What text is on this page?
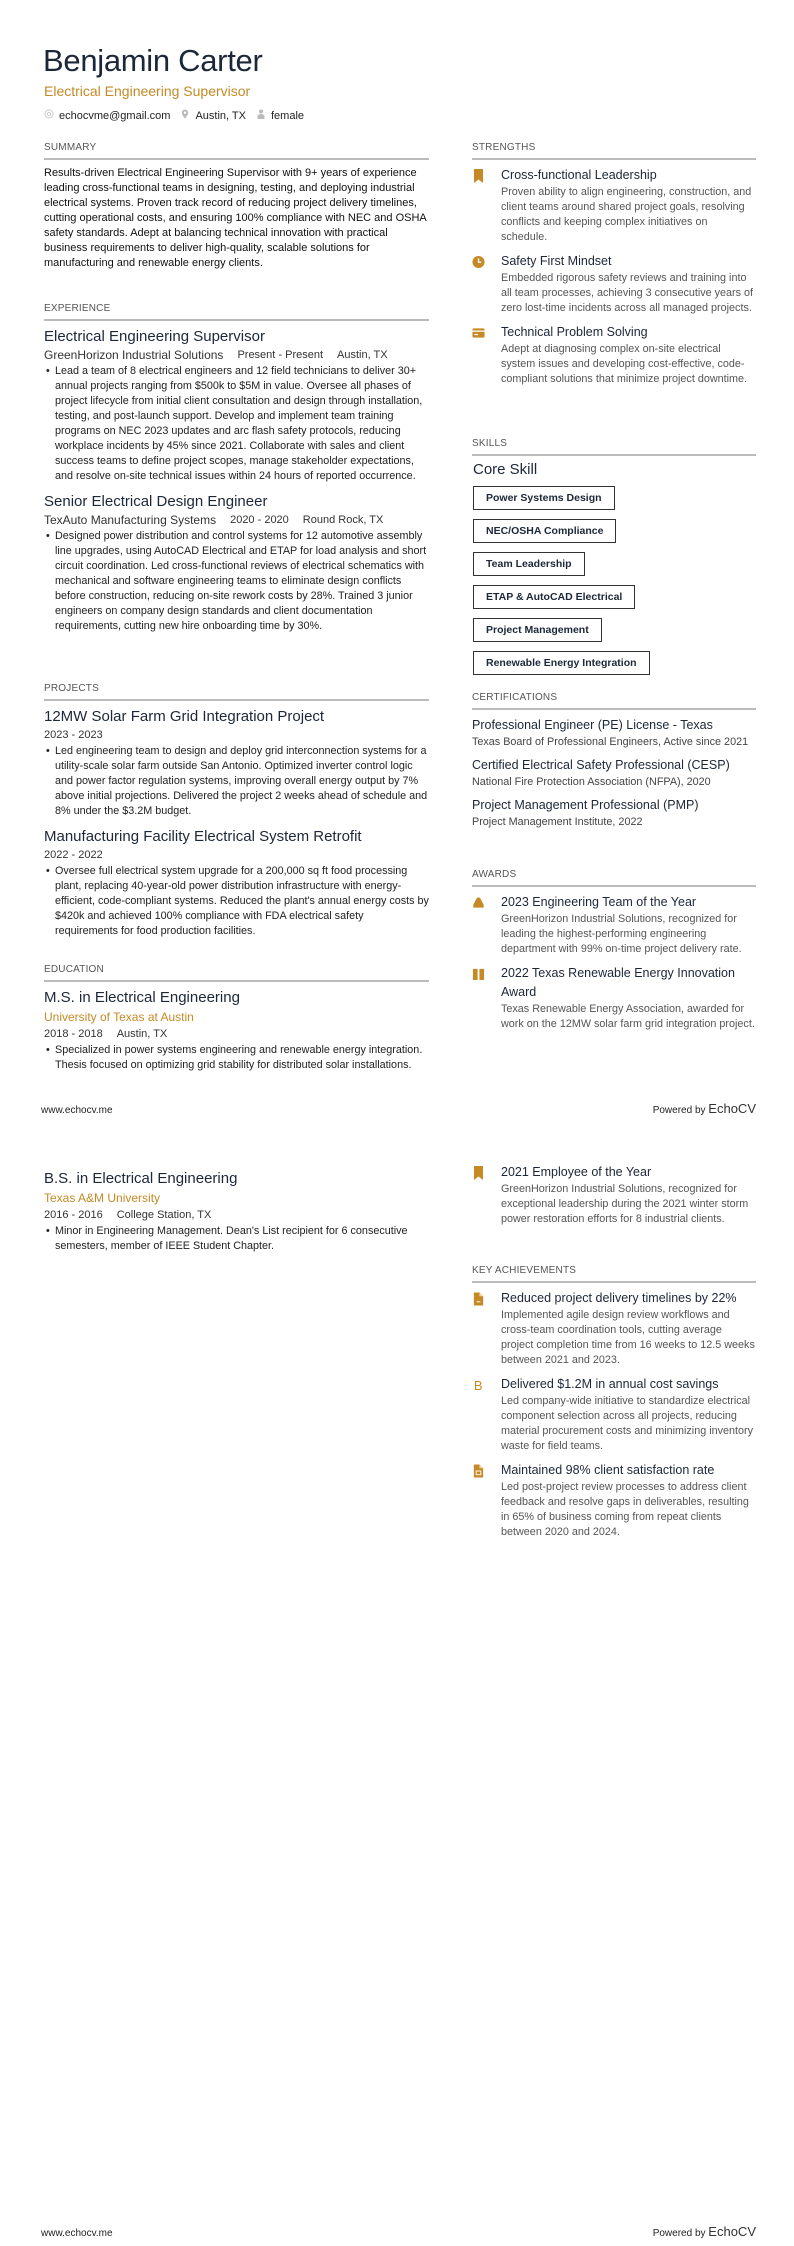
Benjamin Carter
Electrical Engineering Supervisor
echocvme@gmail.com Austin, TX female
SUMMARY
Results-driven Electrical Engineering Supervisor with 9+ years of experience leading cross-functional teams in designing, testing, and deploying industrial electrical systems. Proven track record of reducing project delivery timelines, cutting operational costs, and ensuring 100% compliance with NEC and OSHA safety standards. Adept at balancing technical innovation with practical business requirements to deliver high-quality, scalable solutions for manufacturing and renewable energy clients.
EXPERIENCE
Electrical Engineering Supervisor
GreenHorizon Industrial Solutions Present - Present Austin, TX
• Lead a team of 8 electrical engineers and 12 field technicians to deliver 30+ annual projects ranging from $500k to $5M in value. Oversee all phases of project lifecycle from initial client consultation and design through installation, testing, and post-launch support. Develop and implement team training programs on NEC 2023 updates and arc flash safety protocols, reducing workplace incidents by 45% since 2021. Collaborate with sales and client success teams to define project scopes, manage stakeholder expectations, and resolve on-site technical issues within 24 hours of reported occurrence.
Senior Electrical Design Engineer
TexAuto Manufacturing Systems 2020 - 2020 Round Rock, TX
• Designed power distribution and control systems for 12 automotive assembly line upgrades, using AutoCAD Electrical and ETAP for load analysis and short circuit coordination. Led cross-functional reviews of electrical schematics with mechanical and software engineering teams to eliminate design conflicts before construction, reducing on-site rework costs by 28%. Trained 3 junior engineers on company design standards and client documentation requirements, cutting new hire onboarding time by 30%.
PROJECTS
12MW Solar Farm Grid Integration Project
2023 - 2023
• Led engineering team to design and deploy grid interconnection systems for a utility-scale solar farm outside San Antonio. Optimized inverter control logic and power factor regulation systems, improving overall energy output by 7% above initial projections. Delivered the project 2 weeks ahead of schedule and 8% under the $3.2M budget.
Manufacturing Facility Electrical System Retrofit
2022 - 2022
• Oversee full electrical system upgrade for a 200,000 sq ft food processing plant, replacing 40-year-old power distribution infrastructure with energy-efficient, code-compliant systems. Reduced the plant's annual energy costs by $420k and achieved 100% compliance with FDA electrical safety requirements for food production facilities.
EDUCATION
M.S. in Electrical Engineering
University of Texas at Austin
2018 - 2018 Austin, TX
• Specialized in power systems engineering and renewable energy integration. Thesis focused on optimizing grid stability for distributed solar installations.
STRENGTHS
Cross-functional Leadership
Proven ability to align engineering, construction, and client teams around shared project goals, resolving conflicts and keeping complex initiatives on schedule.
Safety First Mindset
Embedded rigorous safety reviews and training into all team processes, achieving 3 consecutive years of zero lost-time incidents across all managed projects.
Technical Problem Solving
Adept at diagnosing complex on-site electrical system issues and developing cost-effective, code-compliant solutions that minimize project downtime.
SKILLS
Core Skill
Power Systems Design
NEC/OSHA Compliance
Team Leadership
ETAP & AutoCAD Electrical
Project Management
Renewable Energy Integration
CERTIFICATIONS
Professional Engineer (PE) License - Texas
Texas Board of Professional Engineers, Active since 2021
Certified Electrical Safety Professional (CESP)
National Fire Protection Association (NFPA), 2020
Project Management Professional (PMP)
Project Management Institute, 2022
AWARDS
2023 Engineering Team of the Year
GreenHorizon Industrial Solutions, recognized for leading the highest-performing engineering department with 99% on-time project delivery rate.
2022 Texas Renewable Energy Innovation Award
Texas Renewable Energy Association, awarded for work on the 12MW solar farm grid integration project.
www.echocv.me	Powered by EchoCV
B.S. in Electrical Engineering
Texas A&M University
2016 - 2016 College Station, TX
• Minor in Engineering Management. Dean's List recipient for 6 consecutive semesters, member of IEEE Student Chapter.
2021 Employee of the Year
GreenHorizon Industrial Solutions, recognized for exceptional leadership during the 2021 winter storm power restoration efforts for 8 industrial clients.
KEY ACHIEVEMENTS
Reduced project delivery timelines by 22%
Implemented agile design review workflows and cross-team coordination tools, cutting average project completion time from 16 weeks to 12.5 weeks between 2021 and 2023.
B Delivered $1.2M in annual cost savings
Led company-wide initiative to standardize electrical component selection across all projects, reducing material procurement costs and minimizing inventory waste for field teams.
Maintained 98% client satisfaction rate
Led post-project review processes to address client feedback and resolve gaps in deliverables, resulting in 65% of business coming from repeat clients between 2020 and 2024.
www.echocv.me	Powered by EchoCV
